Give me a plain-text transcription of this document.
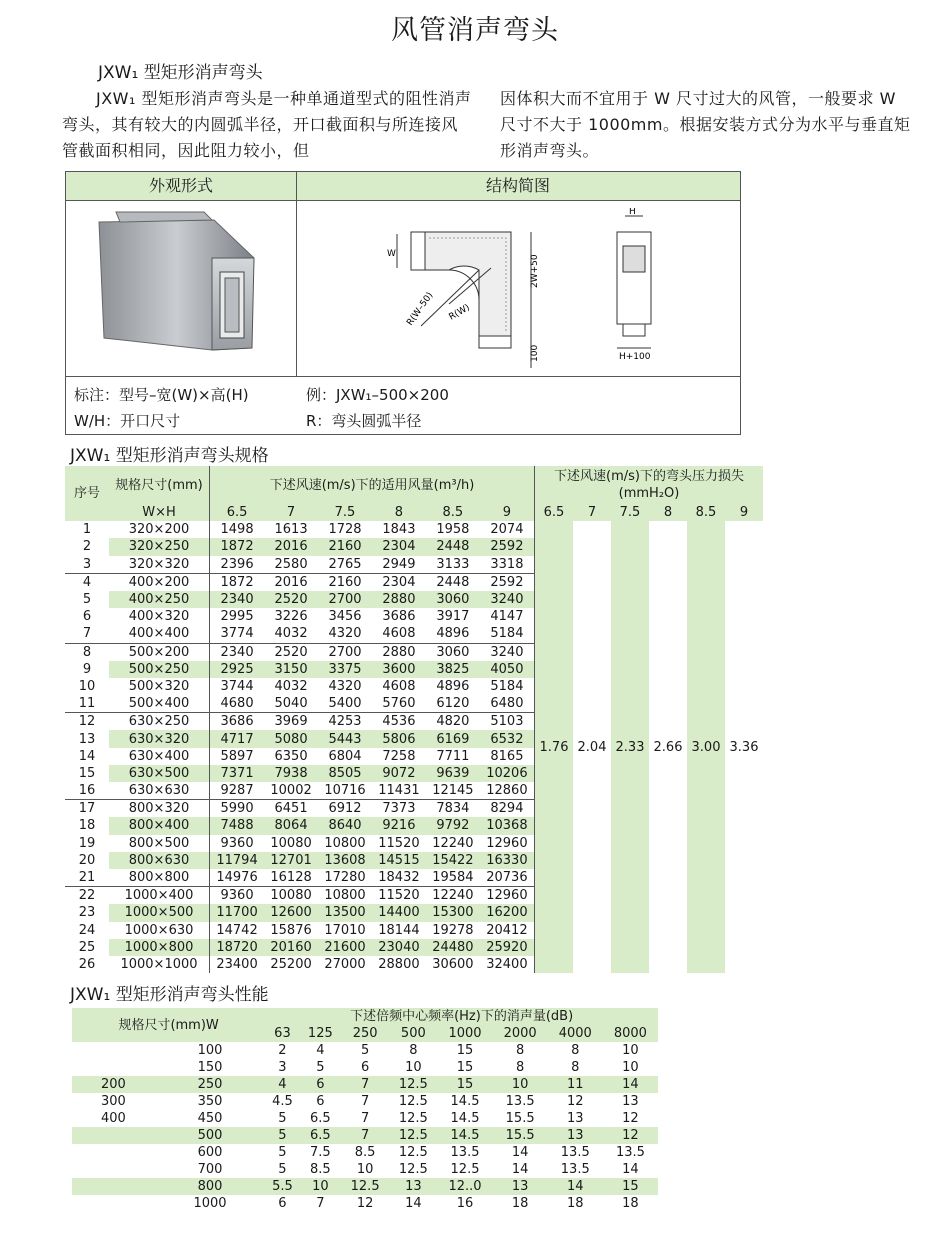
风管消声弯头
JXW₁ 型矩形消声弯头
JXW₁ 型矩形消声弯头是一种单通道型式的阻性消声弯头，其有较大的内圆弧半径，开口截面积与所连接风管截面积相同，因此阻力较小，但
因体积大而不宜用于 W 尺寸过大的风管，一般要求 W 尺寸不大于 1000mm。根据安装方式分为水平与垂直矩形消声弯头。
外观形式	结构简图
W
2W+50
R(W–50) R(W)
100
H
H+100
标注：型号–宽(W)×高(H)	例：JXW₁–500×200
W/H：开口尺寸	R：弯头圆弧半径
JXW₁ 型矩形消声弯头规格
序号	规格尺寸(mm)	下述风速(m/s)下的适用风量(m³/h)						下述风速(m/s)下的弯头压力损失(mmH₂O)					
	W×H	6.5	7	7.5	8	8.5	9	6.5	7	7.5	8	8.5	9
1	320×200	1498	1613	1728	1843	1958	2074	1.76	2.04	2.33	2.66	3.00	3.36
2	320×250	1872	2016	2160	2304	2448	2592						
3	320×320	2396	2580	2765	2949	3133	3318						
4	400×200	1872	2016	2160	2304	2448	2592						
5	400×250	2340	2520	2700	2880	3060	3240						
6	400×320	2995	3226	3456	3686	3917	4147						
7	400×400	3774	4032	4320	4608	4896	5184						
8	500×200	2340	2520	2700	2880	3060	3240						
9	500×250	2925	3150	3375	3600	3825	4050						
10	500×320	3744	4032	4320	4608	4896	5184						
11	500×400	4680	5040	5400	5760	6120	6480						
12	630×250	3686	3969	4253	4536	4820	5103						
13	630×320	4717	5080	5443	5806	6169	6532						
14	630×400	5897	6350	6804	7258	7711	8165						
15	630×500	7371	7938	8505	9072	9639	10206						
16	630×630	9287	10002	10716	11431	12145	12860						
17	800×320	5990	6451	6912	7373	7834	8294						
18	800×400	7488	8064	8640	9216	9792	10368						
19	800×500	9360	10080	10800	11520	12240	12960						
20	800×630	11794	12701	13608	14515	15422	16330						
21	800×800	14976	16128	17280	18432	19584	20736						
22	1000×400	9360	10080	10800	11520	12240	12960						
23	1000×500	11700	12600	13500	14400	15300	16200						
24	1000×630	14742	15876	17010	18144	19278	20412						
25	1000×800	18720	20160	21600	23040	24480	25920						
26	1000×1000	23400	25200	27000	28800	30600	32400						
JXW₁ 型矩形消声弯头性能
规格尺寸(mm)W		下述倍频中心频率(Hz)下的消声量(dB)							
		63	125	250	500	1000	2000	4000	8000
	100	2	4	5	8	15	8	8	10
	150	3	5	6	10	15	8	8	10
200	250	4	6	7	12.5	15	10	11	14
300	350	4.5	6	7	12.5	14.5	13.5	12	13
400	450	5	6.5	7	12.5	14.5	15.5	13	12
	500	5	6.5	7	12.5	14.5	15.5	13	12
	600	5	7.5	8.5	12.5	13.5	14	13.5	13.5
	700	5	8.5	10	12.5	12.5	14	13.5	14
	800	5.5	10	12.5	13	12..0	13	14	15
	1000	6	7	12	14	16	18	18	18
